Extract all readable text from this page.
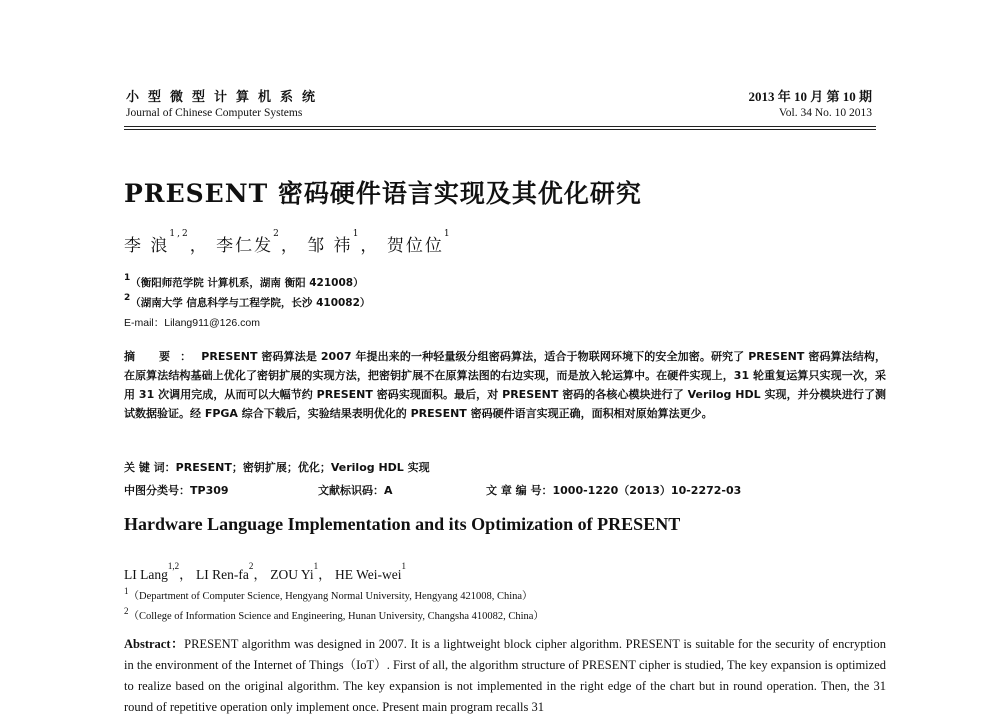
小型微型计算机系统
Journal of Chinese Computer Systems
2013 年 10 月 第 10 期
Vol. 34 No. 10 2013
PRESENT 密码硬件语言实现及其优化研究
李 浪$^{1,2}$， 李仁发$^2$， 邹 祎$^1$， 贺位位$^1$
$^1$（衡阳师范学院 计算机系，湖南 衡阳 421008）
$^2$（湖南大学 信息科学与工程学院，长沙 410082）
E-mail：Lilang911@126.com
摘 要：PRESENT 密码算法是 2007 年提出来的一种轻量级分组密码算法，适合于物联网环境下的安全加密。研究了 PRESENT 密码算法结构，在原算法结构基础上优化了密钥扩展的实现方法，把密钥扩展不在原算法图的右边实现，而是放入轮运算中。在硬件实现上，31 轮重复运算只实现一次，采用 31 次调用完成，从而可以大幅节约 PRESENT 密码实现面积。最后，对 PRESENT 密码的各核心模块进行了 Verilog HDL 实现，并分模块进行了测试数据验证。经 FPGA 综合下载后，实验结果表明优化的 PRESENT 密码硬件语言实现正确，面积相对原始算法更少。
关 键 词：PRESENT；密钥扩展；优化；Verilog HDL 实现
中图分类号：TP309	文献标识码：A	文 章 编 号：1000-1220（2013）10-2272-03
Hardware Language Implementation and its Optimization of PRESENT
LI Lang$^{1,2}$， LI Ren-$fa^2$， ZOU Yi$^1$， HE Wei-wei$^1$
$^1$（Department of Computer Science, Hengyang Normal University, Hengyang 421008, China）
$^2$（College of Information Science and Engineering, Hunan University, Changsha 410082, China）
Abstract：PRESENT algorithm was designed in 2007. It is a lightweight block cipher algorithm. PRESENT is suitable for the security of encryption in the environment of the Internet of Things（IoT）. First of all, the algorithm structure of PRESENT cipher is studied, The key expansion is optimized to realize based on the original algorithm. The key expansion is not implemented in the right edge of the chart but in round operation. Then, the 31 round of repetitive operation only implement once. Present main program recalls 31
